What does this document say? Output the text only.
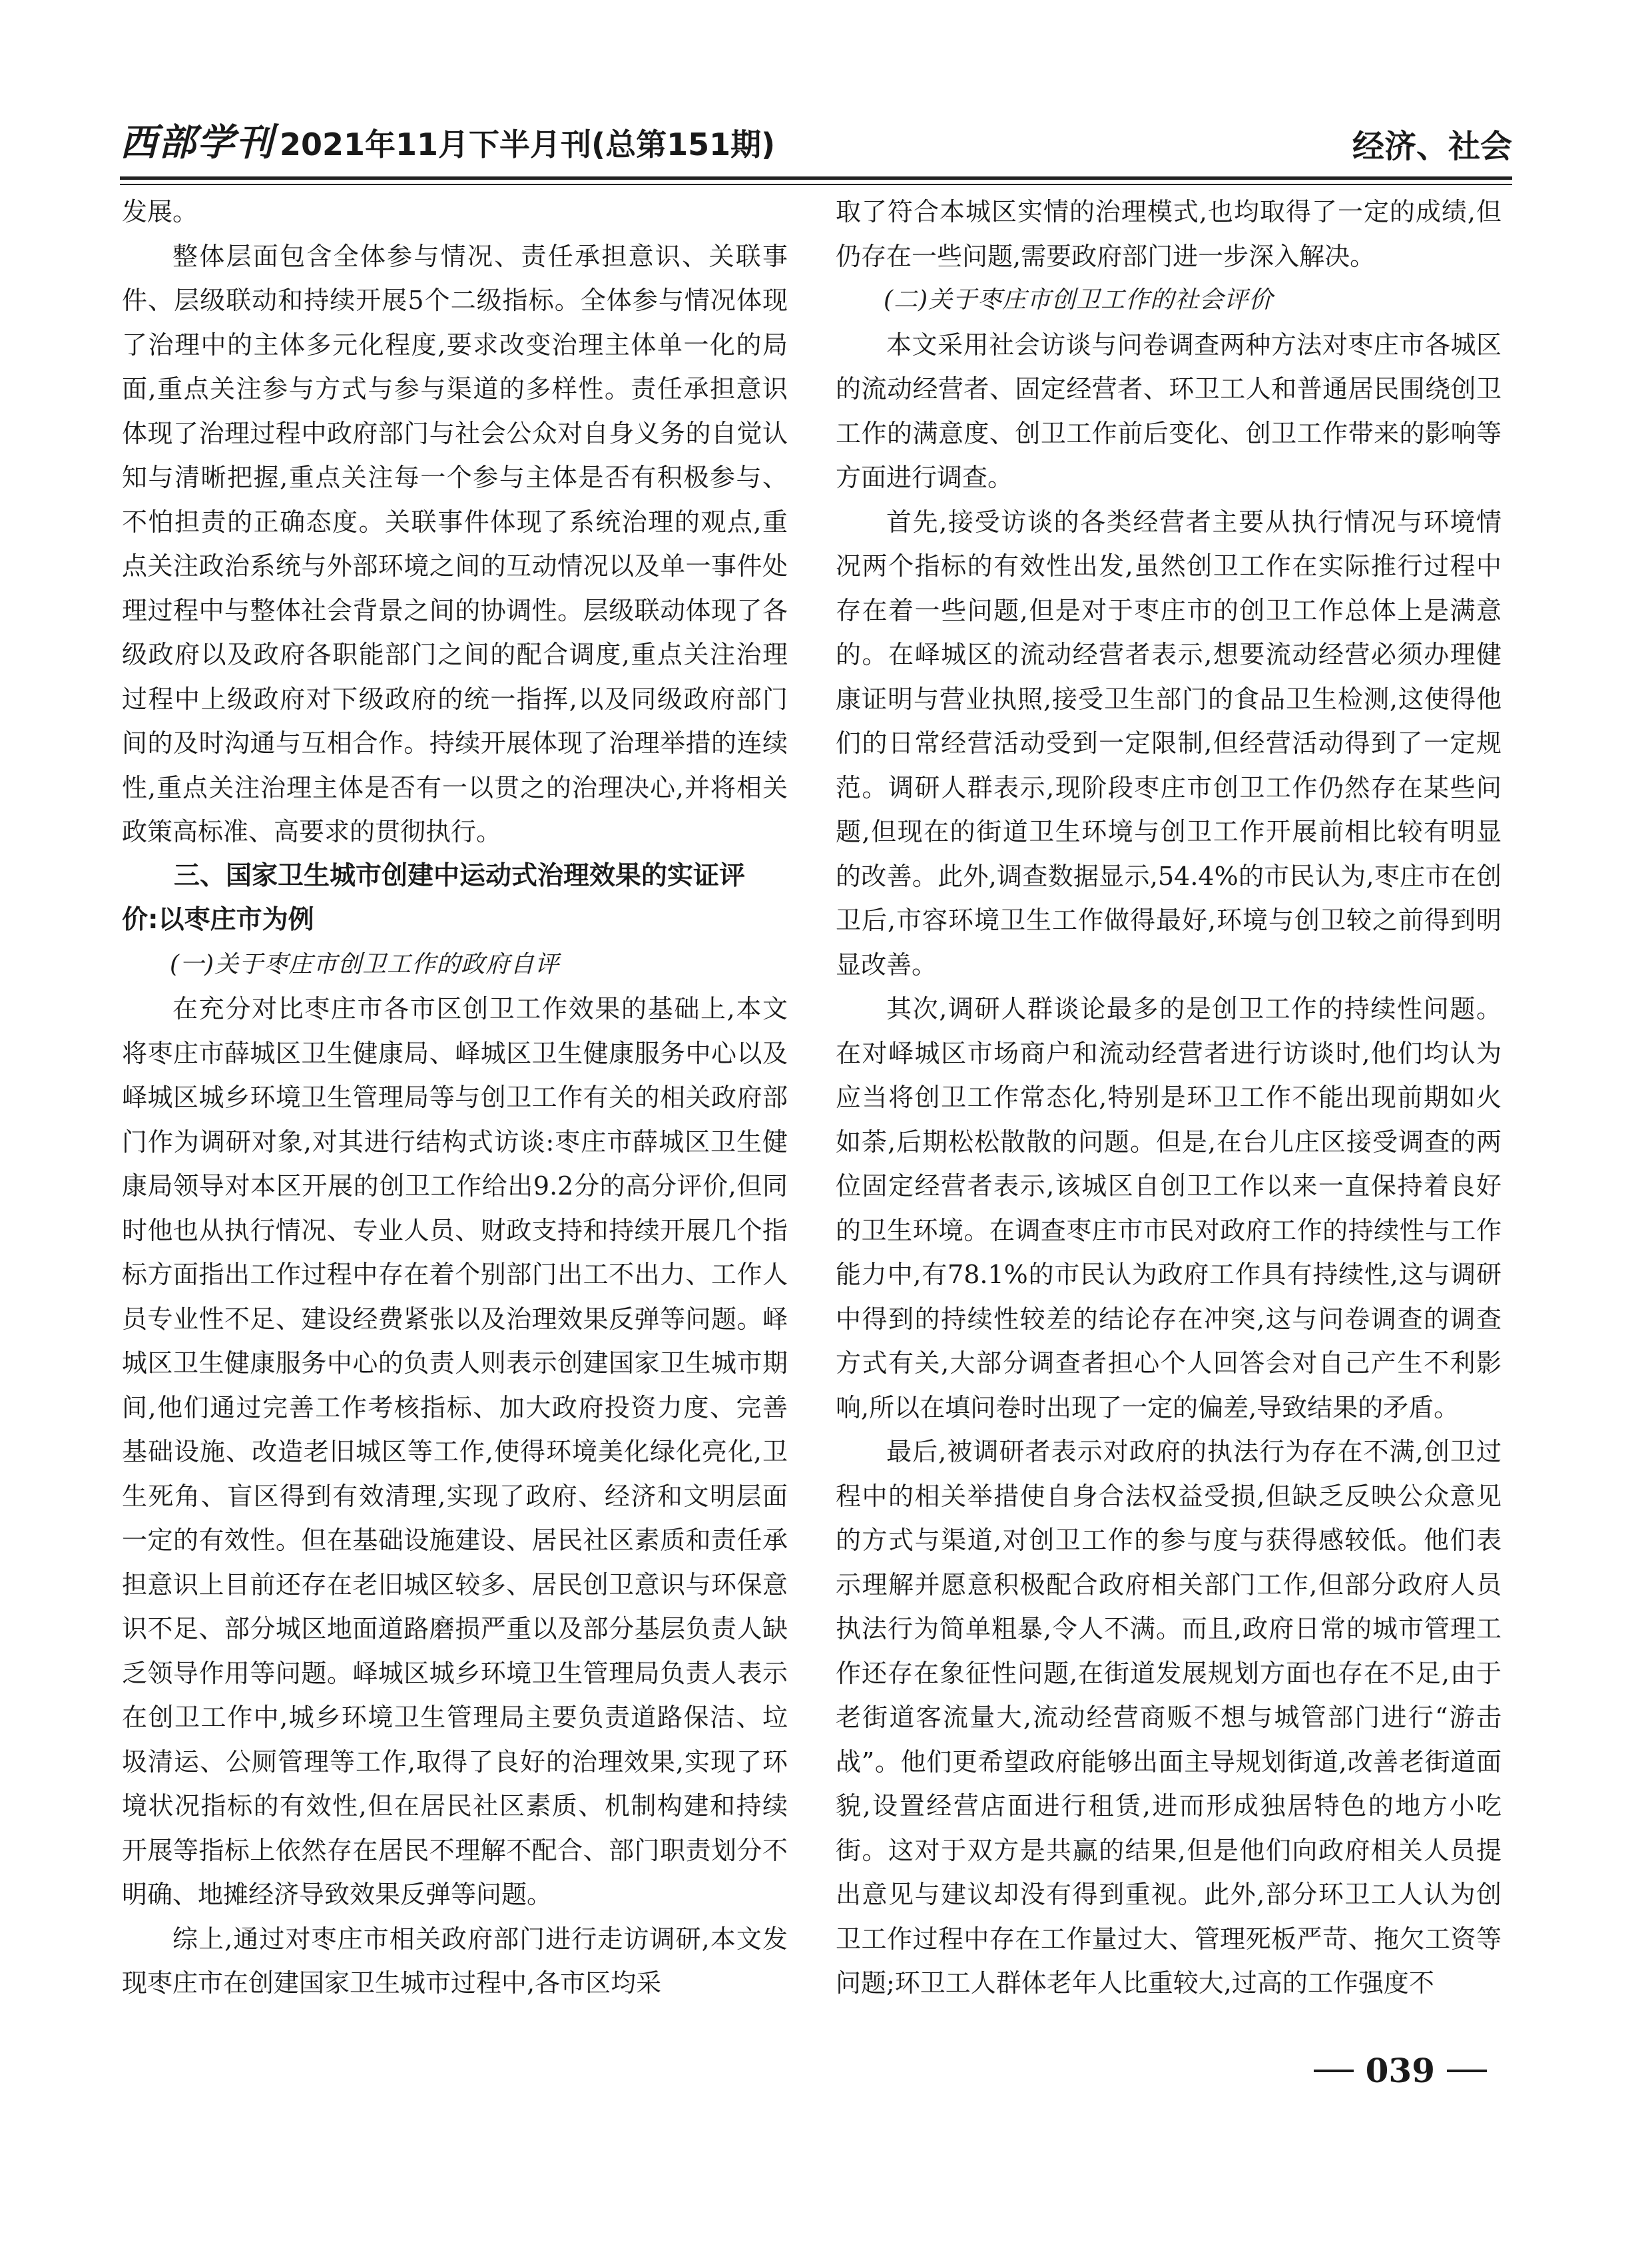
西部学刊 2021年11月下半月刊(总第151期)	经济、社会

发展。

整体层面包含全体参与情况、责任承担意识、关联事件、层级联动和持续开展5个二级指标。全体参与情况体现了治理中的主体多元化程度,要求改变治理主体单一化的局面,重点关注参与方式与参与渠道的多样性。责任承担意识体现了治理过程中政府部门与社会公众对自身义务的自觉认知与清晰把握,重点关注每一个参与主体是否有积极参与、不怕担责的正确态度。关联事件体现了系统治理的观点,重点关注政治系统与外部环境之间的互动情况以及单一事件处理过程中与整体社会背景之间的协调性。层级联动体现了各级政府以及政府各职能部门之间的配合调度,重点关注治理过程中上级政府对下级政府的统一指挥,以及同级政府部门间的及时沟通与互相合作。持续开展体现了治理举措的连续性,重点关注治理主体是否有一以贯之的治理决心,并将相关政策高标准、高要求的贯彻执行。

三、国家卫生城市创建中运动式治理效果的实证评
价:以枣庄市为例
(一)关于枣庄市创卫工作的政府自评

在充分对比枣庄市各市区创卫工作效果的基础上,本文将枣庄市薛城区卫生健康局、峄城区卫生健康服务中心以及峄城区城乡环境卫生管理局等与创卫工作有关的相关政府部门作为调研对象,对其进行结构式访谈:枣庄市薛城区卫生健康局领导对本区开展的创卫工作给出9.2分的高分评价,但同时他也从执行情况、专业人员、财政支持和持续开展几个指标方面指出工作过程中存在着个别部门出工不出力、工作人员专业性不足、建设经费紧张以及治理效果反弹等问题。峄城区卫生健康服务中心的负责人则表示创建国家卫生城市期间,他们通过完善工作考核指标、加大政府投资力度、完善基础设施、改造老旧城区等工作,使得环境美化绿化亮化,卫生死角、盲区得到有效清理,实现了政府、经济和文明层面一定的有效性。但在基础设施建设、居民社区素质和责任承担意识上目前还存在老旧城区较多、居民创卫意识与环保意识不足、部分城区地面道路磨损严重以及部分基层负责人缺乏领导作用等问题。峄城区城乡环境卫生管理局负责人表示在创卫工作中,城乡环境卫生管理局主要负责道路保洁、垃圾清运、公厕管理等工作,取得了良好的治理效果,实现了环境状况指标的有效性,但在居民社区素质、机制构建和持续开展等指标上依然存在居民不理解不配合、部门职责划分不明确、地摊经济导致效果反弹等问题。

综上,通过对枣庄市相关政府部门进行走访调研,本文发现枣庄市在创建国家卫生城市过程中,各市区均采

取了符合本城区实情的治理模式,也均取得了一定的成绩,但仍存在一些问题,需要政府部门进一步深入解决。

(二)关于枣庄市创卫工作的社会评价

本文采用社会访谈与问卷调查两种方法对枣庄市各城区的流动经营者、固定经营者、环卫工人和普通居民围绕创卫工作的满意度、创卫工作前后变化、创卫工作带来的影响等方面进行调查。

首先,接受访谈的各类经营者主要从执行情况与环境情况两个指标的有效性出发,虽然创卫工作在实际推行过程中存在着一些问题,但是对于枣庄市的创卫工作总体上是满意的。在峄城区的流动经营者表示,想要流动经营必须办理健康证明与营业执照,接受卫生部门的食品卫生检测,这使得他们的日常经营活动受到一定限制,但经营活动得到了一定规范。调研人群表示,现阶段枣庄市创卫工作仍然存在某些问题,但现在的街道卫生环境与创卫工作开展前相比较有明显的改善。此外,调查数据显示,54.4%的市民认为,枣庄市在创卫后,市容环境卫生工作做得最好,环境与创卫较之前得到明显改善。

其次,调研人群谈论最多的是创卫工作的持续性问题。在对峄城区市场商户和流动经营者进行访谈时,他们均认为应当将创卫工作常态化,特别是环卫工作不能出现前期如火如荼,后期松松散散的问题。但是,在台儿庄区接受调查的两位固定经营者表示,该城区自创卫工作以来一直保持着良好的卫生环境。在调查枣庄市市民对政府工作的持续性与工作能力中,有78.1%的市民认为政府工作具有持续性,这与调研中得到的持续性较差的结论存在冲突,这与问卷调查的调查方式有关,大部分调查者担心个人回答会对自己产生不利影响,所以在填问卷时出现了一定的偏差,导致结果的矛盾。

最后,被调研者表示对政府的执法行为存在不满,创卫过程中的相关举措使自身合法权益受损,但缺乏反映公众意见的方式与渠道,对创卫工作的参与度与获得感较低。他们表示理解并愿意积极配合政府相关部门工作,但部分政府人员执法行为简单粗暴,令人不满。而且,政府日常的城市管理工作还存在象征性问题,在街道发展规划方面也存在不足,由于老街道客流量大,流动经营商贩不想与城管部门进行“游击战”。他们更希望政府能够出面主导规划街道,改善老街道面貌,设置经营店面进行租赁,进而形成独居特色的地方小吃街。这对于双方是共赢的结果,但是他们向政府相关人员提出意见与建议却没有得到重视。此外,部分环卫工人认为创卫工作过程中存在工作量过大、管理死板严苛、拖欠工资等问题;环卫工人群体老年人比重较大,过高的工作强度不

039
